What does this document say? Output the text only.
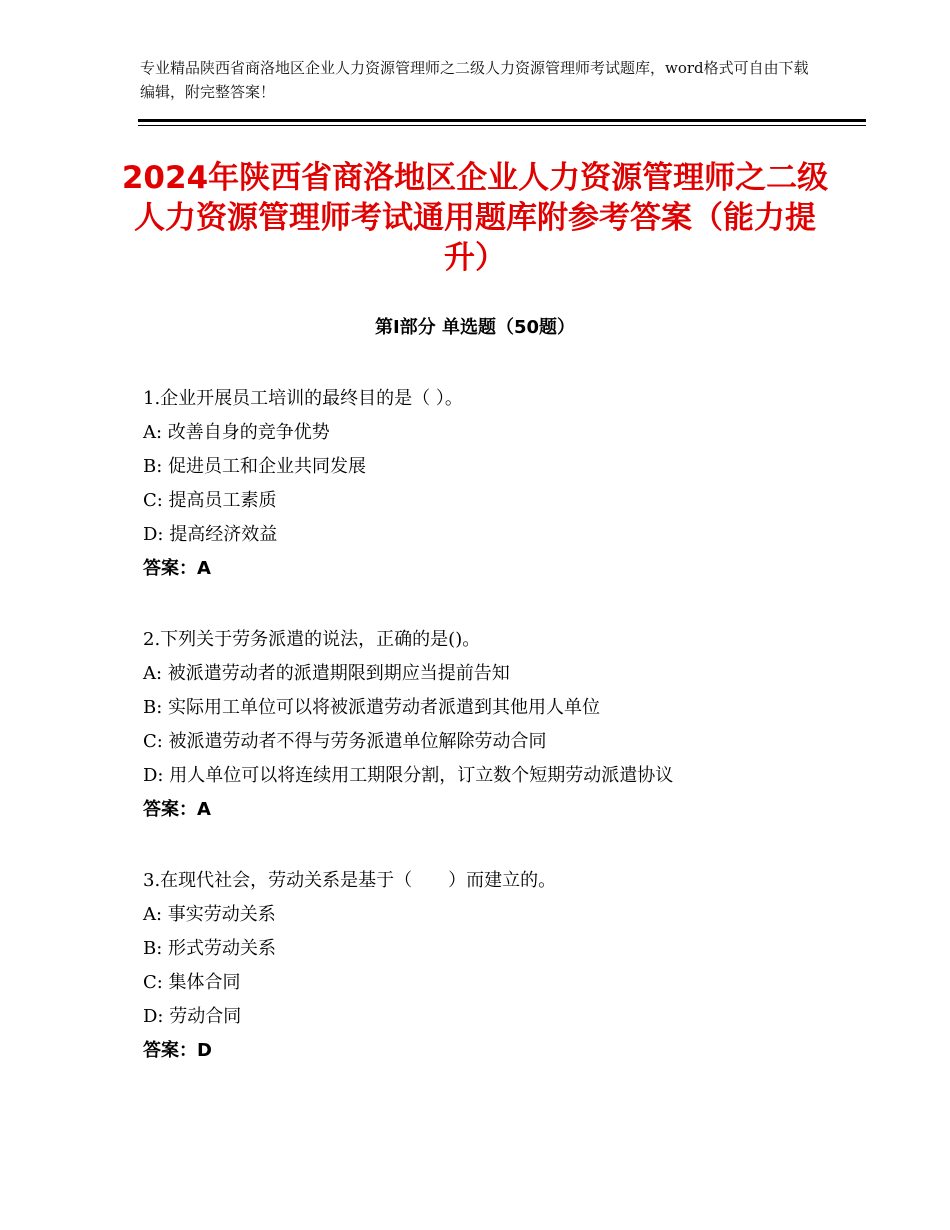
专业精品陕西省商洛地区企业人力资源管理师之二级人力资源管理师考试题库，word格式可自由下载编辑，附完整答案！
2024年陕西省商洛地区企业人力资源管理师之二级人力资源管理师考试通用题库附参考答案（能力提升）
第Ⅰ部分 单选题（50题）
1.企业开展员工培训的最终目的是（ ）。
A: 改善自身的竞争优势
B: 促进员工和企业共同发展
C: 提高员工素质
D: 提高经济效益
答案：A
2.下列关于劳务派遣的说法，正确的是()。
A: 被派遣劳动者的派遣期限到期应当提前告知
B: 实际用工单位可以将被派遣劳动者派遣到其他用人单位
C: 被派遣劳动者不得与劳务派遣单位解除劳动合同
D: 用人单位可以将连续用工期限分割，订立数个短期劳动派遣协议
答案：A
3.在现代社会，劳动关系是基于（　　）而建立的。
A: 事实劳动关系
B: 形式劳动关系
C: 集体合同
D: 劳动合同
答案：D
